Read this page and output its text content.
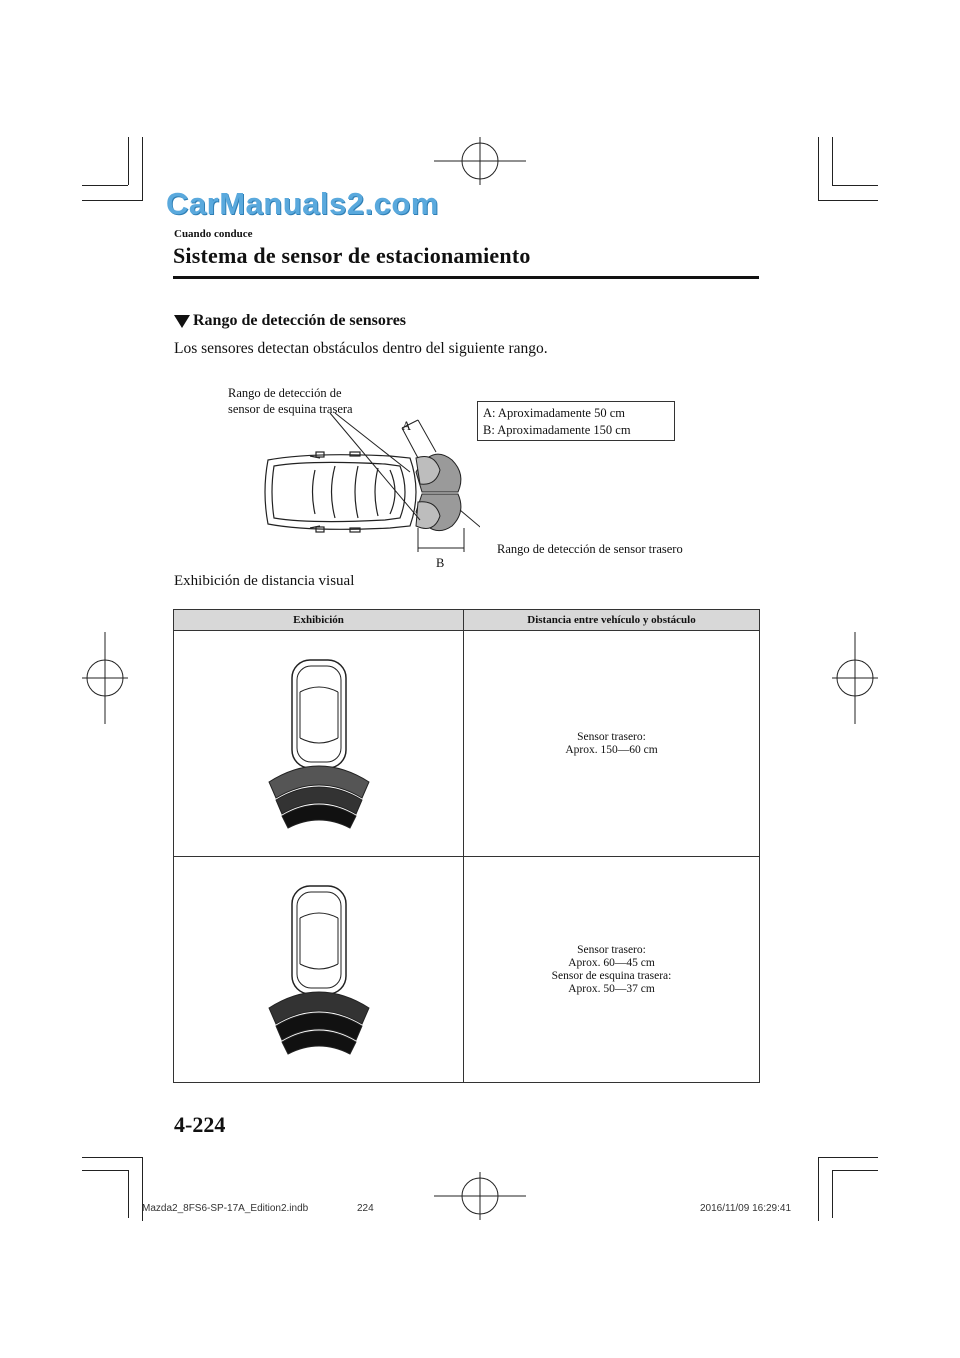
CarManuals2.com
Cuando conduce
Sistema de sensor de estacionamiento
Rango de detección de sensores
Los sensores detectan obstáculos dentro del siguiente rango.
Rango de detección de
sensor de esquina trasera	A: Aproximadamente 50 cm
B: Aproximadamente 150 cm
A
B
Rango de detección de sensor trasero
Exhibición de distancia visual
Exhibición	Distancia entre vehículo y obstáculo

Sensor trasero:
Aprox. 150—60 cm

Sensor trasero:
Aprox. 60—45 cm
Sensor de esquina trasera:
Aprox. 50—37 cm
4-224
Mazda2_8FS6-SP-17A_Edition2.indb	224	2016/11/09 16:29:41
